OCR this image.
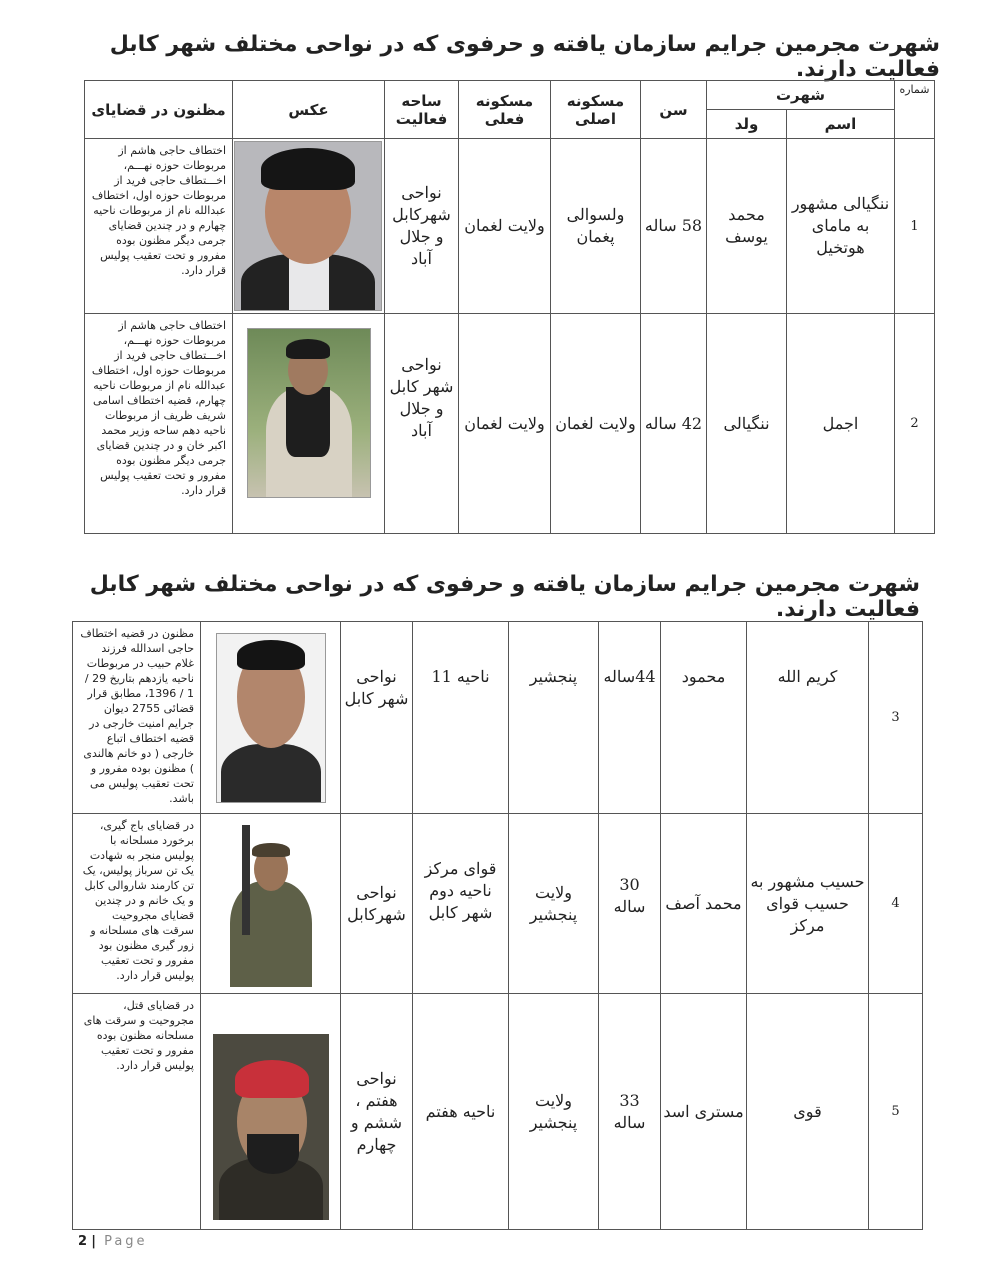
شهرت مجرمین جرایم سازمان یافته و حرفوی که در نواحی مختلف شهر کابل فعالیت دارند.
شماره	شهرت		سن	مسکونه اصلی	مسکونه فعلی	ساحه فعالیت	عکس	مظنون در قضایای
	اسم	ولد						
1	ننگیالی مشهور به مامای هوتخیل	محمد یوسف	58 ساله	ولسوالی پغمان	ولایت لغمان	نواحی شهرکابل و جلال آباد		اختطاف حاجی هاشم از مربوطات حوزه نهـــم، اخـــتطاف حاجی فرید از مربوطات حوزه اول، اختطاف عبدالله نام از مربوطات ناحیه چهارم و در چندین قضایای جرمی دیگر مظنون بوده مفرور و تحت تعقیب پولیس قرار دارد.
2	اجمل	ننگیالی	42 ساله	ولایت لغمان	ولایت لغمان	نواحی شهر کابل و جلال آباد		اختطاف حاجی هاشم از مربوطات حوزه نهـــم، اخـــتطاف حاجی فرید از مربوطات حوزه اول، اختطاف عبدالله نام از مربوطات ناحیه چهارم، قضیه اختطاف اسامی شریف ظریف از مربوطات ناحیه دهم ساحه وزیر محمد اکبر خان و در چندین قضایای جرمی دیگر مظنون بوده مفرور و تحت تعقیب پولیس قرار دارد.
شهرت مجرمین جرایم سازمان یافته و حرفوی که در نواحی مختلف شهر کابل فعالیت دارند.
3	کریم الله	محمود	44ساله	پنجشیر	ناحیه 11	نواحی شهر کابل		مظنون در قضیه اختطاف حاجی اسدالله فرزند غلام حبیب در مربوطات ناحیه یازدهم بتاریخ 29 / 1 / 1396، مطابق قرار قضائی 2755 دیوان جرایم امنیت خارجی در قضیه اختطاف اتباع خارجی ( دو خانم هالندی ) مظنون بوده مفرور و تحت تعقیب پولیس می باشد.
4	حسیب مشهور به حسیب قوای مرکز	محمد آصف	30 ساله	ولایت پنجشیر	قوای مرکز ناحیه دوم شهر کابل	نواحی شهرکابل		در قضایای باج گیری، برخورد مسلحانه با پولیس منجر به شهادت یک تن سرباز پولیس، یک تن کارمند شاروالی کابل و یک خانم و در چندین قضایای مجروحیت سرقت های مسلحانه و زور گیری مظنون بود مفرور و تحت تعقیب پولیس قرار دارد.
5	قوی	مستری اسد	33 ساله	ولایت پنجشیر	ناحیه هفتم	نواحی هفتم ، ششم و چهارم		در قضایای قتل، مجروحیت و سرقت های مسلحانه مظنون بوده مفرور و تحت تعقیب پولیس قرار دارد.
2 | Page
